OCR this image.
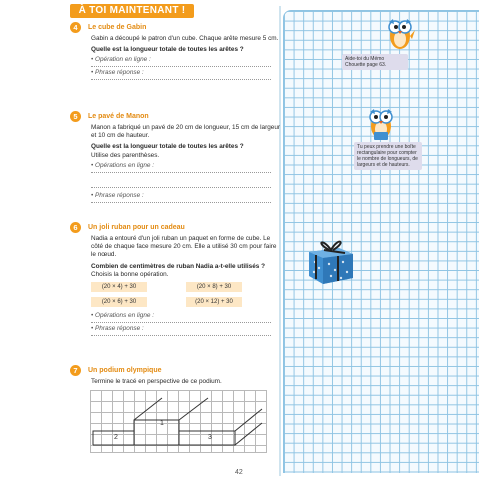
À TOI MAINTENANT !
Aide-toi du Mémo Chouette page 63.
Tu peux prendre une boîte rectangulaire pour compter le nombre de longueurs, de largeurs et de hauteurs.
4	Le cube de Gabin
Gabin a découpé le patron d'un cube. Chaque arête mesure 5 cm.
Quelle est la longueur totale de toutes les arêtes ?
• Opération en ligne :
• Phrase réponse :
5	Le pavé de Manon
Manon a fabriqué un pavé de 20 cm de longueur, 15 cm de largeur et 10 cm de hauteur.
Quelle est la longueur totale de toutes les arêtes ?
Utilise des parenthèses.
• Opérations en ligne :
• Phrase réponse :
6	Un joli ruban pour un cadeau
Nadia a entouré d'un joli ruban un paquet en forme de cube. Le côté de chaque face mesure 20 cm. Elle a utilisé 30 cm pour faire le nœud.
Combien de centimètres de ruban Nadia a-t-elle utilisés ?
Choisis la bonne opération.
(20 × 4) + 30	(20 × 8) + 30
(20 × 6) + 30	(20 × 12) + 30
• Opérations en ligne :
• Phrase réponse :
7	Un podium olympique
Termine le tracé en perspective de ce podium.
1
2	3
42
